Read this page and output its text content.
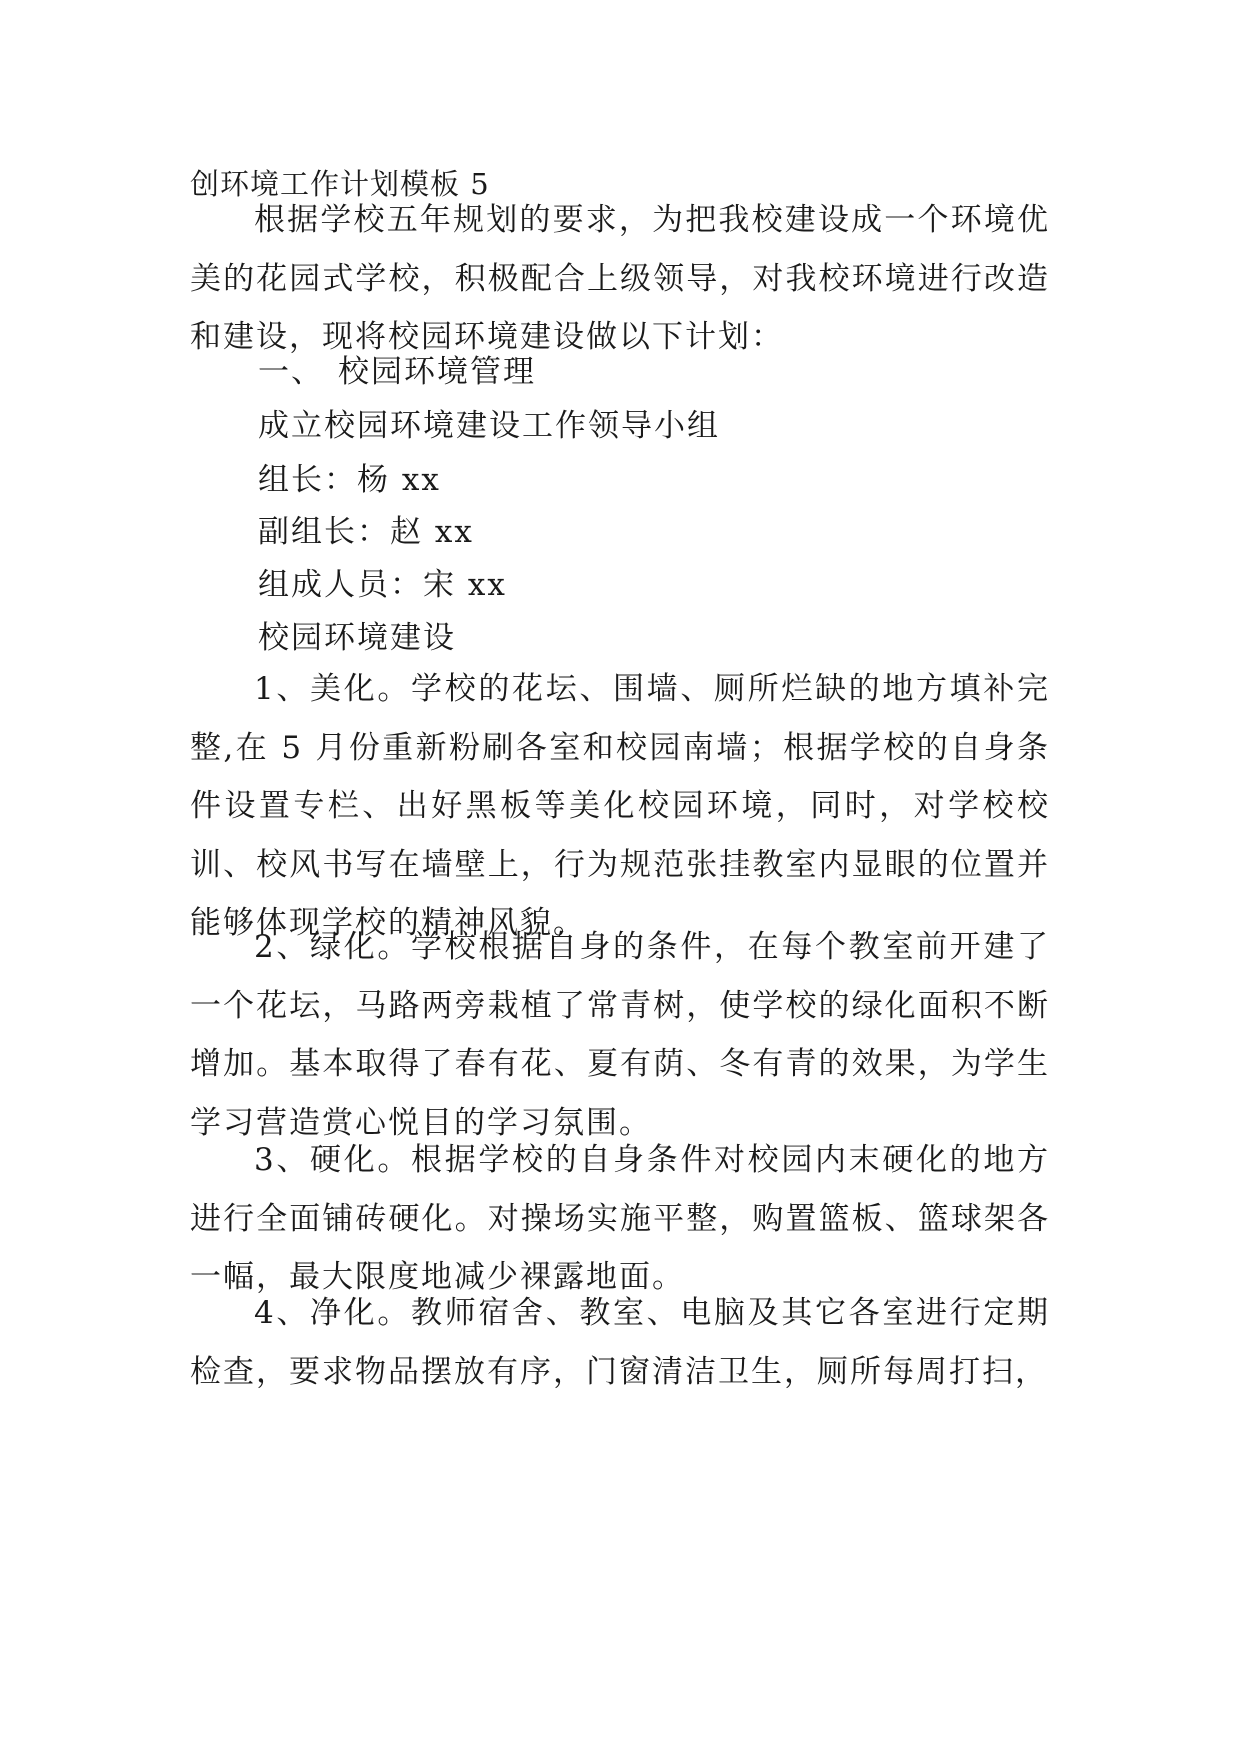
创环境工作计划模板 5

根据学校五年规划的要求，为把我校建设成一个环境优美的花园式学校，积极配合上级领导，对我校环境进行改造和建设，现将校园环境建设做以下计划：

一、 校园环境管理

成立校园环境建设工作领导小组

组长：杨 xx

副组长：赵 xx

组成人员：宋 xx

校园环境建设

1、美化。学校的花坛、围墙、厕所烂缺的地方填补完整,在 5 月份重新粉刷各室和校园南墙；根据学校的自身条件设置专栏、出好黑板等美化校园环境，同时，对学校校训、校风书写在墙壁上，行为规范张挂教室内显眼的位置并能够体现学校的精神风貌。

2、绿化。学校根据自身的条件，在每个教室前开建了一个花坛，马路两旁栽植了常青树，使学校的绿化面积不断增加。基本取得了春有花、夏有荫、冬有青的效果，为学生学习营造赏心悦目的学习氛围。

3、硬化。根据学校的自身条件对校园内末硬化的地方进行全面铺砖硬化。对操场实施平整，购置篮板、篮球架各一幅，最大限度地减少裸露地面。

4、净化。教师宿舍、教室、电脑及其它各室进行定期检查，要求物品摆放有序，门窗清洁卫生，厕所每周打扫，
